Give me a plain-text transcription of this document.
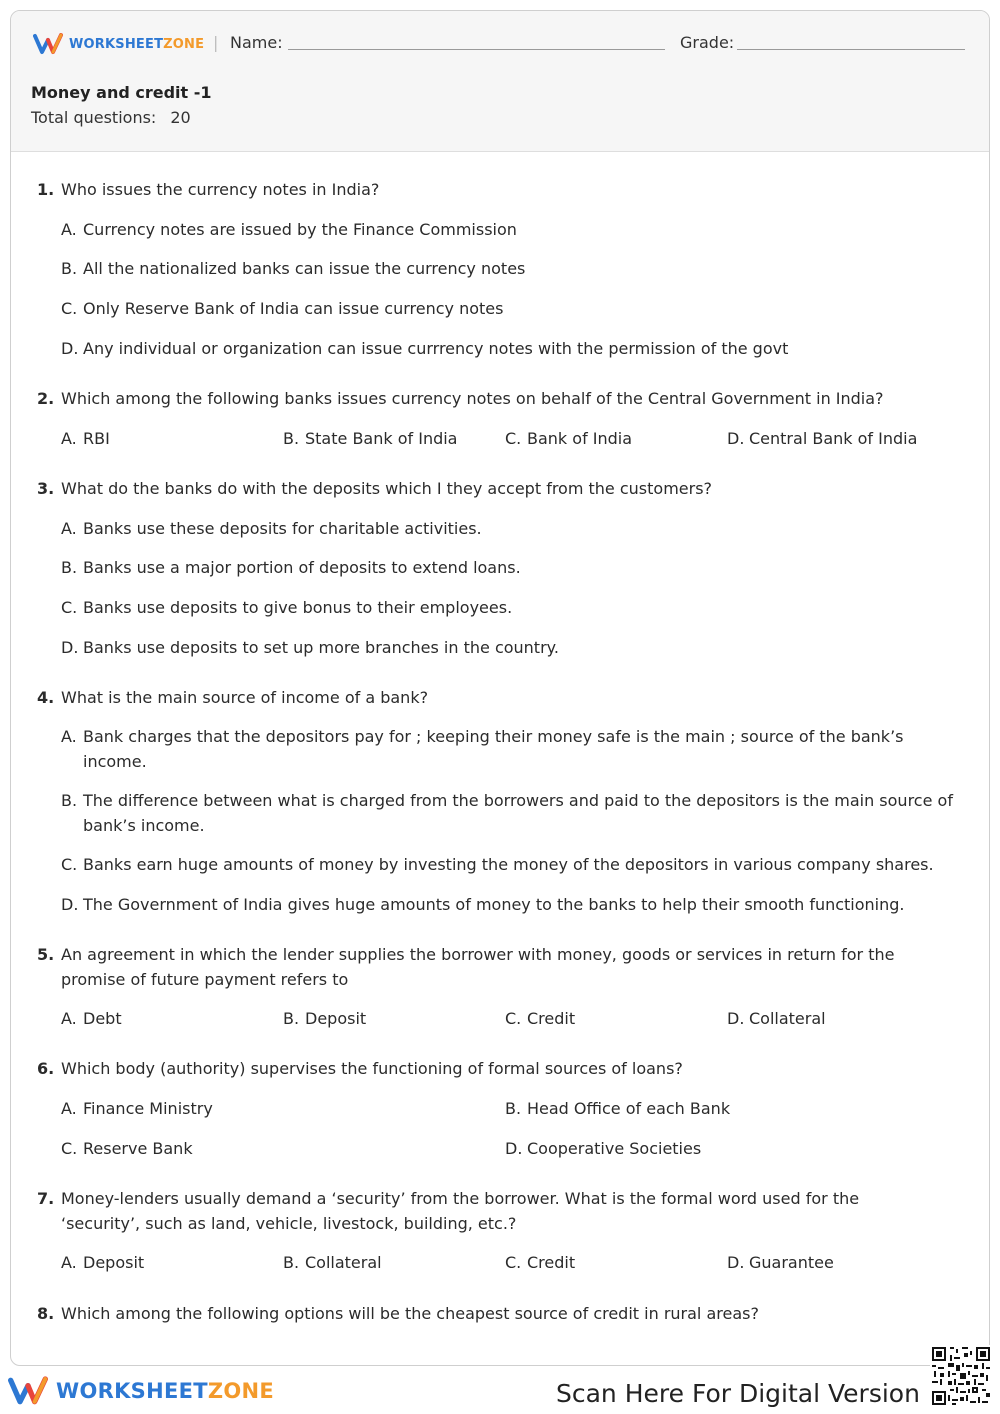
WORKSHEETZONE | Name:	Grade:
Money and credit -1
Total questions: 20
1. Who issues the currency notes in India?
A. Currency notes are issued by the Finance Commission
B. All the nationalized banks can issue the currency notes
C. Only Reserve Bank of India can issue currency notes
D. Any individual or organization can issue currrency notes with the permission of the govt
2. Which among the following banks issues currency notes on behalf of the Central Government in India?
A. RBI	B. State Bank of India	C. Bank of India	D. Central Bank of India
3. What do the banks do with the deposits which I they accept from the customers?
A. Banks use these deposits for charitable activities.
B. Banks use a major portion of deposits to extend loans.
C. Banks use deposits to give bonus to their employees.
D. Banks use deposits to set up more branches in the country.
4. What is the main source of income of a bank?
A. Bank charges that the depositors pay for ; keeping their money safe is the main ; source of the bank’s income.
B. The difference between what is charged from the borrowers and paid to the depositors is the main source of bank’s income.
C. Banks earn huge amounts of money by investing the money of the depositors in various company shares.
D. The Government of India gives huge amounts of money to the banks to help their smooth functioning.
5. An agreement in which the lender supplies the borrower with money, goods or services in return for the promise of future payment refers to
A. Debt	B. Deposit	C. Credit	D. Collateral
6. Which body (authority) supervises the functioning of formal sources of loans?
A. Finance Ministry	B. Head Office of each Bank
C. Reserve Bank	D. Cooperative Societies
7. Money-lenders usually demand a ‘security’ from the borrower. What is the formal word used for the ‘security’, such as land, vehicle, livestock, building, etc.?
A. Deposit	B. Collateral	C. Credit	D. Guarantee
8. Which among the following options will be the cheapest source of credit in rural areas?
WORKSHEETZONE	Scan Here For Digital Version
